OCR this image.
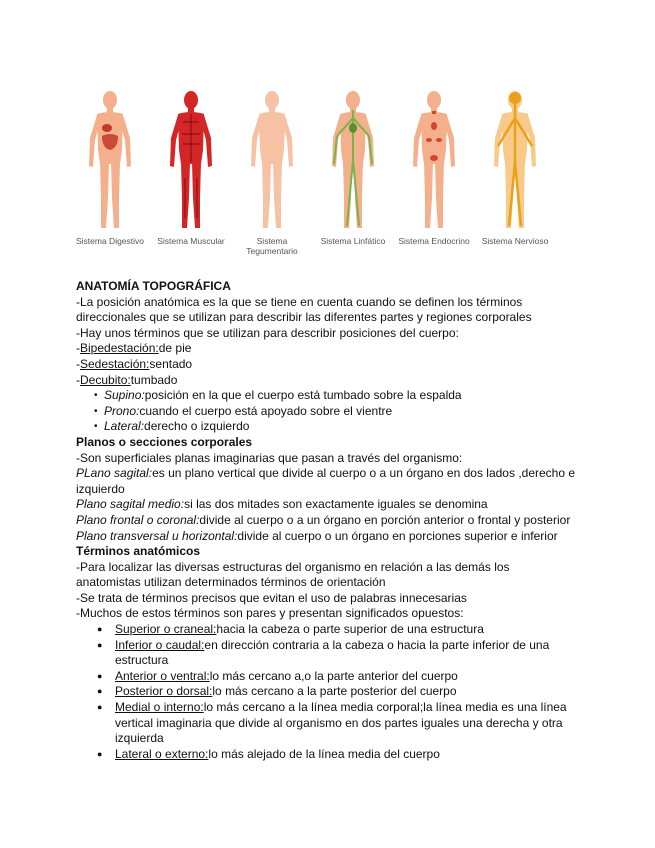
Sistema Digestivo	Sistema Muscular	Sistema Tegumentario
Sistema Linfático	Sistema Endocrino	Sistema Nervioso

ANATOMÍA TOPOGRÁFICA

-La posición anatómica es la que se tiene en cuenta cuando se definen los términos direccionales que se utilizan para describir las diferentes partes y regiones corporales

-Hay unos términos que se utilizan para describir posiciones del cuerpo:

-Bipedestación:de pie

-Sedestación:sentado

-Decubito:tumbado

• Supino:posición en la que el cuerpo está tumbado sobre la espalda
• Prono:cuando el cuerpo está apoyado sobre el vientre
• Lateral:derecho o izquierdo

Planos o secciones corporales

-Son superficiales planas imaginarias que pasan a través del organismo:

PLano sagital:es un plano vertical que divide al cuerpo o a un órgano en dos lados ,derecho e izquierdo

Plano sagital medio:si las dos mitades son exactamente iguales se denomina

Plano frontal o coronal:divide al cuerpo o a un órgano en porción anterior o frontal y posterior

Plano transversal u horizontal:divide al cuerpo o un órgano en porciones superior e inferior

Términos anatómicos

-Para localizar las diversas estructuras del organismo en relación a las demás los anatomistas utilizan determinados términos de orientación

-Se trata de términos precisos que evitan el uso de palabras innecesarias

-Muchos de estos términos son pares y presentan significados opuestos:

● Superior o craneal:hacia la cabeza o parte superior de una estructura
● Inferior o caudal:en dirección contraria a la cabeza o hacia la parte inferior de una estructura
● Anterior o ventral:lo más cercano a,o la parte anterior del cuerpo
● Posterior o dorsal:lo más cercano a la parte posterior del cuerpo
● Medial o interno:lo más cercano a la línea media corporal;la línea media es una línea vertical imaginaria que divide al organismo en dos partes iguales una derecha y otra izquierda
● Lateral o externo:lo más alejado de la línea media del cuerpo
